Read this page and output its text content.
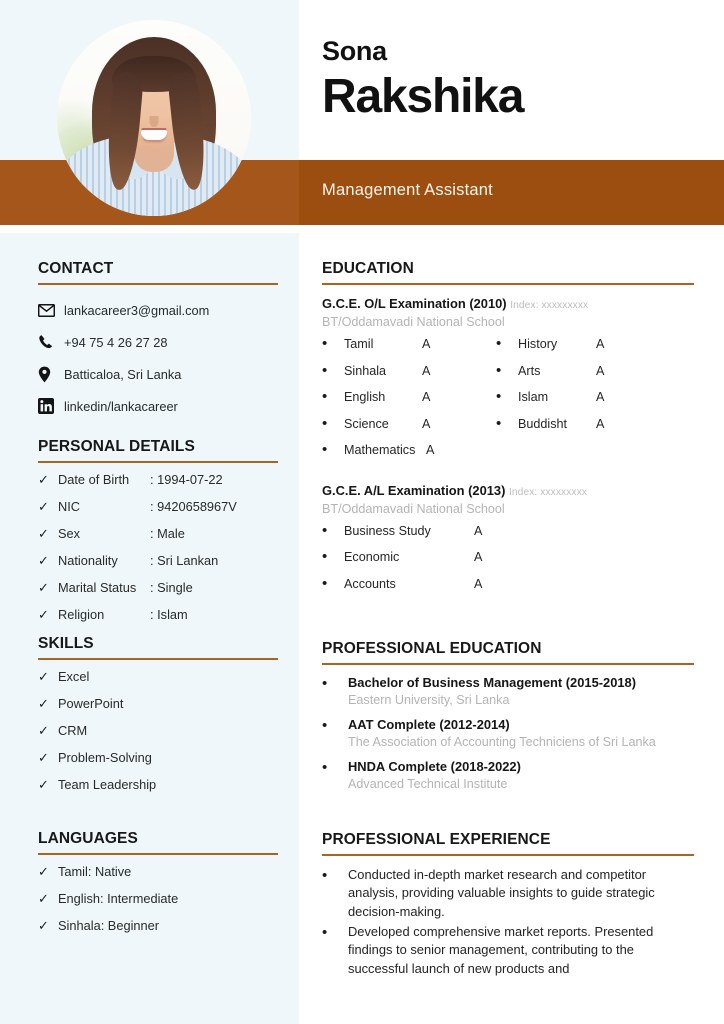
Sona
Rakshika
Management Assistant
CONTACT
lankacareer3@gmail.com
+94 75 4 26 27 28
Batticaloa, Sri Lanka
linkedin/lankacareer
PERSONAL DETAILS
✓ Date of Birth	: 1994-07-22
✓ NIC	: 9420658967V
✓ Sex	: Male
✓ Nationality	: Sri Lankan
✓ Marital Status	: Single
✓ Religion	: Islam
SKILLS
✓ Excel
✓ PowerPoint
✓ CRM
✓ Problem-Solving
✓ Team Leadership
LANGUAGES
✓ Tamil: Native
✓ English: Intermediate
✓ Sinhala: Beginner
EDUCATION
G.C.E. O/L Examination (2010) Index: xxxxxxxxx
BT/Oddamavadi National School
•	Tamil	A	•	History	A
•	Sinhala	A	•	Arts	A
•	English	A	•	Islam	A
•	Science	A	•	Buddisht	A
•	Mathematics A
G.C.E. A/L Examination (2013) Index: xxxxxxxxx
BT/Oddamavadi National School
•	Business Study	A
•	Economic	A
•	Accounts	A
PROFESSIONAL EDUCATION
•	Bachelor of Business Management (2015-2018)
Eastern University, Sri Lanka
•	AAT Complete (2012-2014)
The Association of Accounting Techniciens of Sri Lanka
•	HNDA Complete (2018-2022)
Advanced Technical Institute
PROFESSIONAL EXPERIENCE
•	Conducted in-depth market research and competitor analysis, providing valuable insights to guide strategic decision-making.
•	Developed comprehensive market reports. Presented findings to senior management, contributing to the successful launch of new products and
